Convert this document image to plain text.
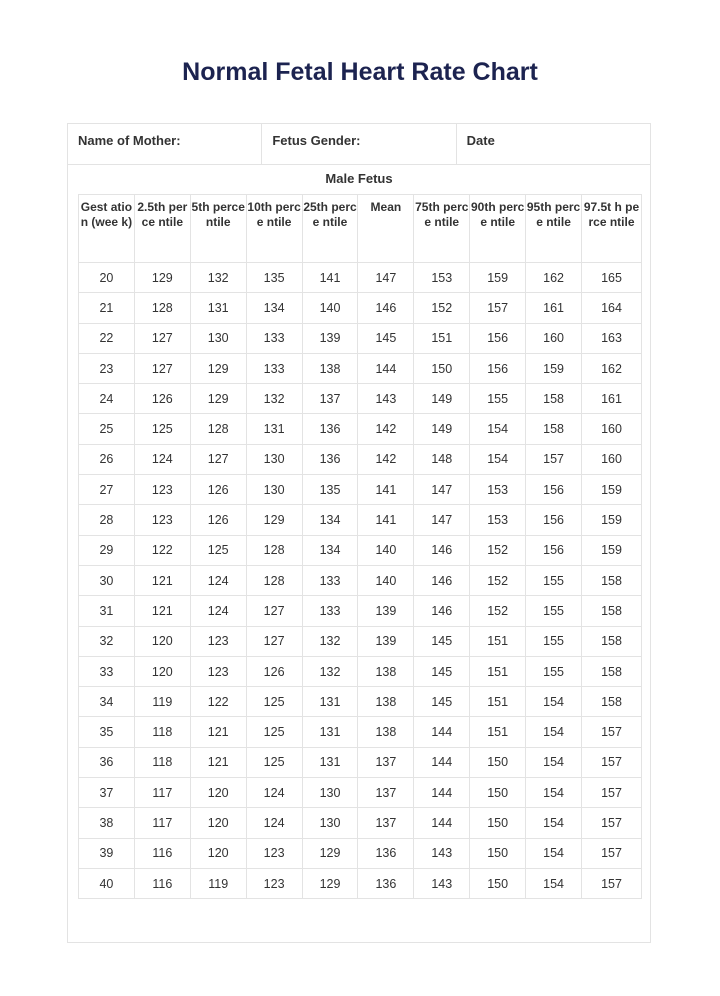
Normal Fetal Heart Rate Chart
Name of Mother:	Fetus Gender:	Date
Male Fetus
Gest ation (wee k)	2.5th perce ntile	5th perce ntile	10th perce ntile	25th perce ntile	Mean	75th perce ntile	90th perce ntile	95th perce ntile	97.5t h perce ntile
20	129	132	135	141	147	153	159	162	165
21	128	131	134	140	146	152	157	161	164
22	127	130	133	139	145	151	156	160	163
23	127	129	133	138	144	150	156	159	162
24	126	129	132	137	143	149	155	158	161
25	125	128	131	136	142	149	154	158	160
26	124	127	130	136	142	148	154	157	160
27	123	126	130	135	141	147	153	156	159
28	123	126	129	134	141	147	153	156	159
29	122	125	128	134	140	146	152	156	159
30	121	124	128	133	140	146	152	155	158
31	121	124	127	133	139	146	152	155	158
32	120	123	127	132	139	145	151	155	158
33	120	123	126	132	138	145	151	155	158
34	119	122	125	131	138	145	151	154	158
35	118	121	125	131	138	144	151	154	157
36	118	121	125	131	137	144	150	154	157
37	117	120	124	130	137	144	150	154	157
38	117	120	124	130	137	144	150	154	157
39	116	120	123	129	136	143	150	154	157
40	116	119	123	129	136	143	150	154	157
